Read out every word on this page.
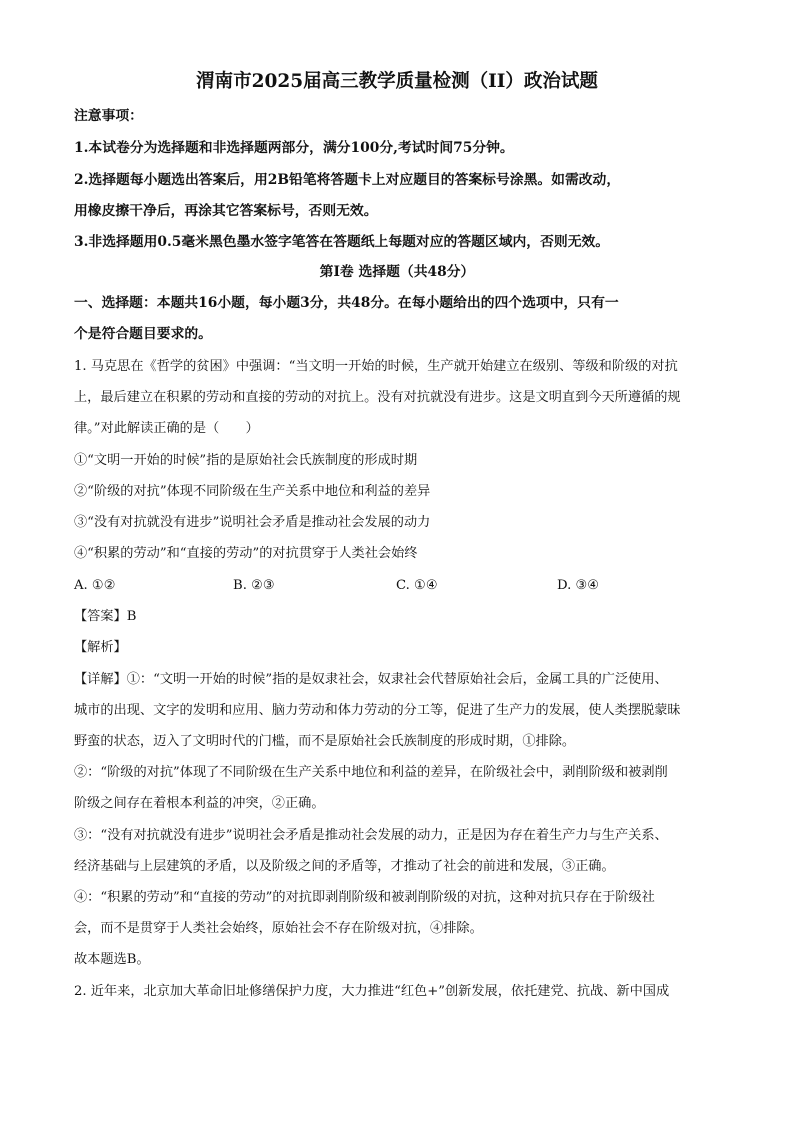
渭南市2025届高三教学质量检测（II）政治试题
注意事项：
1.本试卷分为选择题和非选择题两部分，满分100分,考试时间75分钟。
2.选择题每小题选出答案后，用2B铅笔将答题卡上对应题目的答案标号涂黑。如需改动，
用橡皮擦干净后，再涂其它答案标号，否则无效。
3.非选择题用0.5毫米黑色墨水签字笔答在答题纸上每题对应的答题区域内，否则无效。
第Ⅰ卷 选择题（共48分）
一、选择题：本题共16小题，每小题3分，共48分。在每小题给出的四个选项中，只有一
个是符合题目要求的。
1. 马克思在《哲学的贫困》中强调：“当文明一开始的时候，生产就开始建立在级别、等级和阶级的对抗
上，最后建立在积累的劳动和直接的劳动的对抗上。没有对抗就没有进步。这是文明直到今天所遵循的规
律。”对此解读正确的是（　　）
①“文明一开始的时候”指的是原始社会氏族制度的形成时期
②“阶级的对抗”体现不同阶级在生产关系中地位和利益的差异
③“没有对抗就没有进步”说明社会矛盾是推动社会发展的动力
④“积累的劳动”和“直接的劳动”的对抗贯穿于人类社会始终
A. ①②	B. ②③	C. ①④	D. ③④
【答案】B
【解析】
【详解】①：“文明一开始的时候”指的是奴隶社会，奴隶社会代替原始社会后，金属工具的广泛使用、
城市的出现、文字的发明和应用、脑力劳动和体力劳动的分工等，促进了生产力的发展，使人类摆脱蒙昧
野蛮的状态，迈入了文明时代的门槛，而不是原始社会氏族制度的形成时期，①排除。
②：“阶级的对抗”体现了不同阶级在生产关系中地位和利益的差异，在阶级社会中，剥削阶级和被剥削
阶级之间存在着根本利益的冲突，②正确。
③：“没有对抗就没有进步”说明社会矛盾是推动社会发展的动力，正是因为存在着生产力与生产关系、
经济基础与上层建筑的矛盾，以及阶级之间的矛盾等，才推动了社会的前进和发展，③正确。
④：“积累的劳动”和“直接的劳动”的对抗即剥削阶级和被剥削阶级的对抗，这种对抗只存在于阶级社
会，而不是贯穿于人类社会始终，原始社会不存在阶级对抗，④排除。
故本题选B。
2. 近年来，北京加大革命旧址修缮保护力度，大力推进“红色+”创新发展，依托建党、抗战、新中国成
